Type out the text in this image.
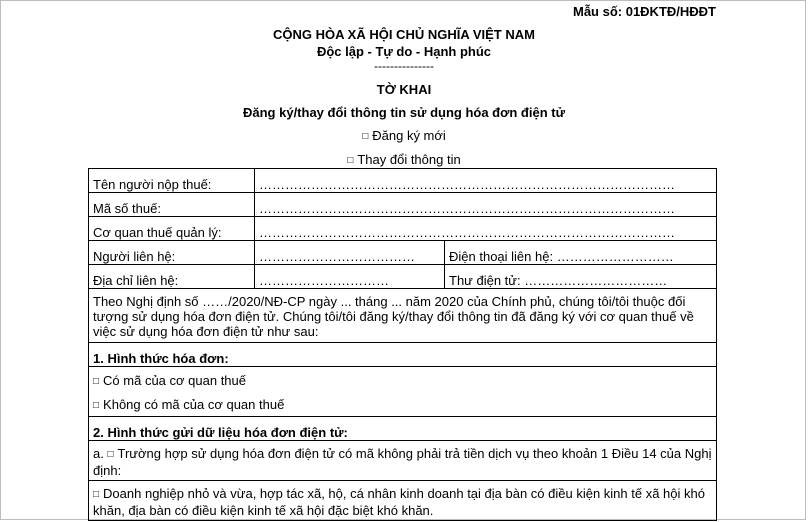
Mẫu số: 01ĐKTĐ/HĐĐT
CỘNG HÒA XÃ HỘI CHỦ NGHĨA VIỆT NAM
Độc lập - Tự do - Hạnh phúc
---------------
TỜ KHAI
Đăng ký/thay đổi thông tin sử dụng hóa đơn điện tử
□ Đăng ký mới
□ Thay đổi thông tin
Tên người nộp thuế:	……………………………………………………………………………………	
Mã số thuế:	……………………………………………………………………………………	
Cơ quan thuế quản lý:	……………………………………………………………………………………	
Người liên hệ:	………………………………	Điện thoại liên hệ: ………………………
Địa chỉ liên hệ:	…………………………	Thư điện tử: ……………………………
Theo Nghị định số ……/2020/NĐ-CP ngày ... tháng ... năm 2020 của Chính phủ, chúng tôi/tôi thuộc đối tượng sử dụng hóa đơn điện tử. Chúng tôi/tôi đăng ký/thay đổi thông tin đã đăng ký với cơ quan thuế về việc sử dụng hóa đơn điện tử như sau:		
1. Hình thức hóa đơn:		

□ Có mã của cơ quan thuế
□ Không có mã của cơ quan thuế		

2. Hình thức gửi dữ liệu hóa đơn điện tử:		
a. □ Trường hợp sử dụng hóa đơn điện tử có mã không phải trả tiền dịch vụ theo khoản 1 Điều 14 của Nghị định:		
□ Doanh nghiệp nhỏ và vừa, hợp tác xã, hộ, cá nhân kinh doanh tại địa bàn có điều kiện kinh tế xã hội khó khăn, địa bàn có điều kiện kinh tế xã hội đặc biệt khó khăn.		
